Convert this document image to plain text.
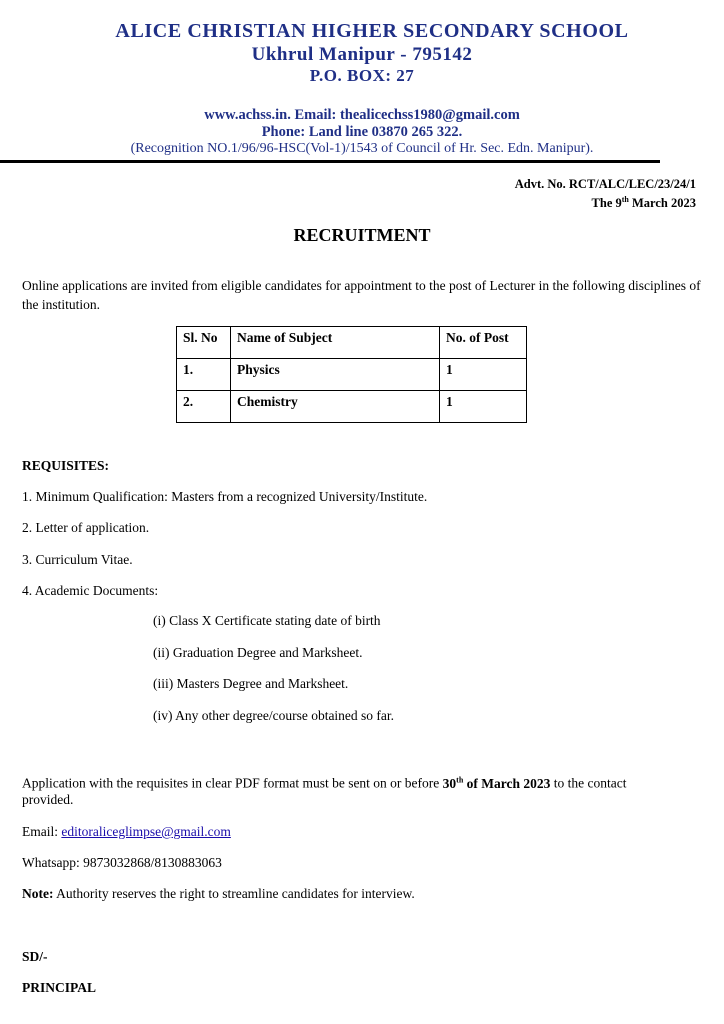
ALICE CHRISTIAN HIGHER SECONDARY SCHOOL
Ukhrul Manipur - 795142
P.O. BOX: 27
www.achss.in. Email: thealicechss1980@gmail.com
Phone: Land line 03870 265 322.
(Recognition NO.1/96/96-HSC(Vol-1)/1543 of Council of Hr. Sec. Edn. Manipur).
Advt. No. RCT/ALC/LEC/23/24/1
The 9th March 2023
RECRUITMENT
Online applications are invited from eligible candidates for appointment to the post of Lecturer in the following disciplines of the institution.
Sl. No	Name of Subject	No. of Post
1.	Physics	1
2.	Chemistry	1
REQUISITES:
1. Minimum Qualification: Masters from a recognized University/Institute.
2. Letter of application.
3. Curriculum Vitae.
4. Academic Documents:
(i) Class X Certificate stating date of birth
(ii) Graduation Degree and Marksheet.
(iii) Masters Degree and Marksheet.
(iv) Any other degree/course obtained so far.
Application with the requisites in clear PDF format must be sent on or before 30th of March 2023 to the contact
provided.
Email: editoraliceglimpse@gmail.com
Whatsapp: 9873032868/8130883063
Note: Authority reserves the right to streamline candidates for interview.
SD/-
PRINCIPAL
